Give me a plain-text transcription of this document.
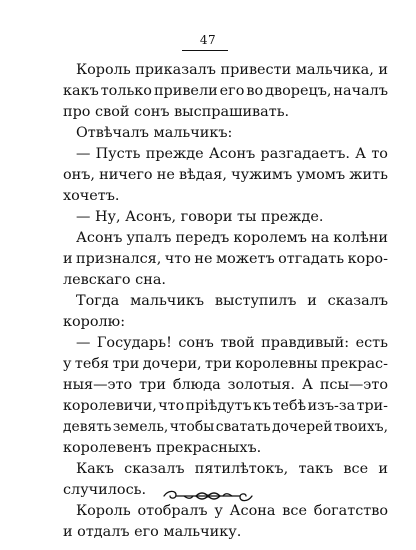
47
Король приказалъ привести мальчика, и
какъ только привели его во дворецъ, началъ
про свой сонъ выспрашивать.
Отвѣчалъ мальчикъ:
— Пусть прежде Асонъ разгадаетъ. А то
онъ, ничего не вѣдая, чужимъ умомъ жить
хочетъ.
— Ну, Асонъ, говори ты прежде.
Асонъ упалъ передъ королемъ на колѣни
и признался, что не можетъ отгадать коро-
левскаго сна.
Тогда мальчикъ выступилъ и сказалъ
королю:
— Государь! сонъ твой правдивый: есть
у тебя три дочери, три королевны прекрас-
ныя—это три блюда золотыя. А псы—это
королевичи, что прiѣдутъ къ тебѣ изъ-за три-
девять земель, чтобы сватать дочерей твоихъ,
королевенъ прекрасныхъ.
Какъ сказалъ пятилѣтокъ, такъ все и
случилось.
Король отобралъ у Асона все богатство
и отдалъ его мальчику.
